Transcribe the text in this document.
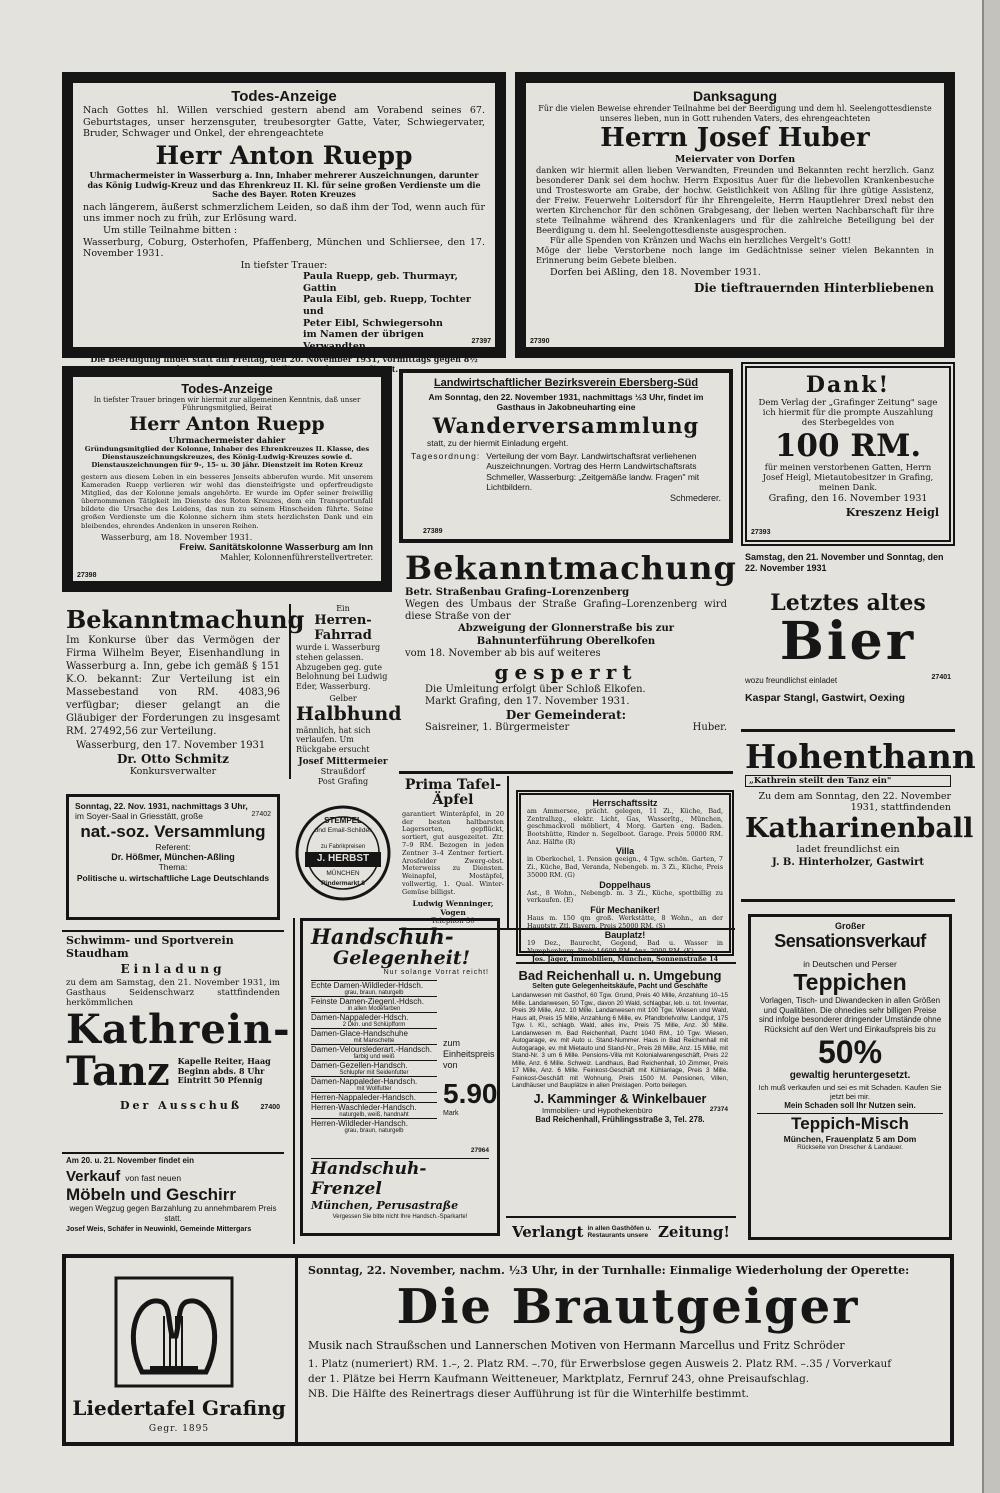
Todes-Anzeige
Nach Gottes hl. Willen verschied gestern abend am Vorabend seines 67. Geburtstages, unser herzensguter, treubesorgter Gatte, Vater, Schwiegervater, Bruder, Schwager und Onkel, der ehrengeachtete
Herr Anton Ruepp
Uhrmachermeister in Wasserburg a. Inn, Inhaber mehrerer Auszeichnungen, darunter das König Ludwig-Kreuz und das Ehrenkreuz II. Kl. für seine großen Verdienste um die Sache des Bayer. Roten Kreuzes
nach längerem, äußerst schmerzlichem Leiden, so daß ihm der Tod, wenn auch für uns immer noch zu früh, zur Erlösung ward.
Um stille Teilnahme bitten :
Wasserburg, Coburg, Osterhofen, Pfaffenberg, München und Schliersee, den 17. November 1931.
In tiefster Trauer:
Paula Ruepp, geb. Thurmayr, Gattin
Paula Eibl, geb. Ruepp, Tochter und
Peter Eibl, Schwiegersohn
im Namen der übrigen Verwandten
Die Beerdigung findet statt am Freitag, den 20. November 1931, vormittags gegen 8½ Uhr, nach vorherigem heiligen Seelengottesdienst.
27397
Danksagung
Für die vielen Beweise ehrender Teilnahme bei der Beerdigung und dem hl. Seelengottesdienste unseres lieben, nun in Gott ruhenden Vaters, des ehrengeachteten
Herrn Josef Huber
Meiervater von Dorfen
danken wir hiermit allen lieben Verwandten, Freunden und Bekannten recht herzlich. Ganz besonderer Dank sei dem hochw. Herrn Expositus Auer für die liebevollen Krankenbesuche und Trostesworte am Grabe, der hochw. Geistlichkeit von Aßling für ihre gütige Assistenz, der Freiw. Feuerwehr Loitersdorf für ihr Ehrengeleite, Herrn Hauptlehrer Drexl nebst den werten Kirchenchor für den schönen Grabgesang, der lieben werten Nachbarschaft für ihre stete Teilnahme während des Krankenlagers und für die zahlreiche Beteiligung bei der Beerdigung u. dem hl. Seelengottesdienste ausgesprochen.
Für alle Spenden von Kränzen und Wachs ein herzliches Vergelt's Gott!
Möge der liebe Verstorbene noch lange im Gedächtnisse seiner vielen Bekannten in Erinnerung beim Gebete bleiben.
Dorfen bei Aßling, den 18. November 1931.
Die tieftrauernden Hinterbliebenen
27390
Todes-Anzeige
In tiefster Trauer bringen wir hiermit zur allgemeinen Kenntnis, daß unser Führungsmitglied, Beirat
Herr Anton Ruepp
Uhrmachermeister dahier
Gründungsmitglied der Kolonne, Inhaber des Ehrenkreuzes II. Klasse, des Dienstauszeichnungskreuzes, des König-Ludwig-Kreuzes sowie d. Dienstauszeichnungen für 9-, 15- u. 30 jähr. Dienstzeit im Roten Kreuz
gestern aus diesem Leben in ein besseres Jenseits abberufen wurde. Mit unserem Kameraden Ruepp verlieren wir wohl das diensteifrigste und opferfreudigste Mitglied, das der Kolonne jemals angehörte. Er wurde im Opfer seiner freiwillig übernommenen Tätigkeit im Dienste des Roten Kreuzes, dem ein Transportunfall bildete die Ursache des Leidens, das nun zu seinem Hinscheiden führte. Seine großen Verdienste um die Kolonne sichern ihm stets herzlichsten Dank und ein bleibendes, ehrendes Andenken in unseren Reihen.
Wasserburg, am 18. November 1931.
Freiw. Sanitätskolonne Wasserburg am Inn
Mahler, Kolonnenführerstellvertreter.
27398
Landwirtschaftlicher Bezirksverein Ebersberg-Süd
Am Sonntag, den 22. November 1931, nachmittags ½3 Uhr, findet im Gasthaus in Jakobneuharting eine
Wanderversammlung
statt, zu der hiermit Einladung ergeht.
Tagesordnung: Verteilung der vom Bayr. Landwirtschaftsrat verliehenen Auszeichnungen. Vortrag des Herrn Landwirtschaftsrats Schmeller, Wasserburg: „Zeitgemäße landw. Fragen" mit Lichtbildern.
Schmederer.
27389
Dank!
Dem Verlag der „Grafinger Zeitung" sage ich hiermit für die prompte Auszahlung des Sterbegeldes von
100 RM.
für meinen verstorbenen Gatten, Herrn Josef Heigl, Mietautobesitzer in Grafing, meinen Dank.
Grafing, den 16. November 1931
Kreszenz Heigl
27393
Samstag, den 21. November und Sonntag, den 22. November 1931
Letztes altes
Bier
wozu freundlichst einladet	27401
Kaspar Stangl, Gastwirt, Oexing
Bekanntmachung
Betr. Straßenbau Grafing–Lorenzenberg
Wegen des Umbaus der Straße Grafing–Lorenzenberg wird diese Straße von der
Abzweigung der Glonnerstraße bis zur Bahnunterführung Oberelkofen
vom 18. November ab bis auf weiteres
gesperrt
Die Umleitung erfolgt über Schloß Elkofen.
Markt Grafing, den 17. November 1931.
Der Gemeinderat:
Saisreiner, 1. Bürgermeister	Huber.
Bekanntmachung
Im Konkurse über das Vermögen der Firma Wilhelm Beyer, Eisenhandlung in Wasserburg a. Inn, gebe ich gemäß § 151 K.O. bekannt: Zur Verteilung ist ein Massebestand von RM. 4083,96 verfügbar; dieser gelangt an die Gläubiger der Forderungen zu insgesamt RM. 27492,56 zur Verteilung.
Wasserburg, den 17. November 1931
Dr. Otto Schmitz
Konkursverwalter
Ein
Herren-Fahrrad
wurde i. Wasserburg stehen gelassen. Abzugeben geg. gute Belohnung bei Ludwig Eder, Wasserburg.
Gelber
Halbhund
männlich, hat sich verlaufen. Um Rückgabe ersucht
Josef Mittermeier
Straußdorf
Post Grafing
Sonntag, 22. Nov. 1931, nachmittags 3 Uhr,
im Soyer-Saal in Griesstätt, große	27402
nat.-soz. Versammlung
Referent:
Dr. Hößmer, München-Aßling
Thema:
Politische u. wirtschaftliche Lage Deutschlands
STEMPEL
und Email-Schilder
zu Fabrikpreisen
J. HERBST
MÜNCHEN
Rindermarkt 8
Prima Tafel-Äpfel
garantiert Winteräpfel, in 20 der besten haltbarsten Lagersorten, gepflückt, sortiert, gut ausgezeitet. Ztr. 7–9 RM. Bezogen in jeden Zentner 3–4 Zentner fertiert. Arosfelder Zwerg-obst. Meterweiss zu Diensten. Weinapfel, Mostäpfel, vollwertig, 1. Qual. Winter-Gemüse billigst.
Ludwig Wenninger, Vogen
Telephon 30
Herrschaftssitz
am Ammersee, prächt. gelegen, 11 Zi., Küche, Bad, Zentralhzg., elektr. Licht, Gas, Wasserltg., München, geschmackvoll möbliert, 4 Morg. Garten eng. Baden. Bootshütte, Rinder n. Segelboot. Garage. Preis 50000 RM. Anz. Hälfte (R)
Villa
in Oberkochel, 1. Pension geeign., 4 Tgw. schön. Garten, 7 Zi., Küche, Bad, Veranda, Nebengeb. m. 3 Zi., Küche, Preis 35000 RM. (G)
Doppelhaus
Ast., 8 Wohn., Nebengb. m. 3 Zi., Küche, spottbillig zu verkaufen. (E)
Für Mechaniker!
Haus m. 150 qm groß. Werkstätte, 8 Wohn., an der Hauptstr. Ztl. Bayern. Preis 25000 RM. (S)
Bauplatz!
19 Dez., Baurecht, Gegend, Bad u. Wasser in Nymphenburg. Preis 14600 RM. Anz. 2000 RM. (K)
Jos. Jäger, Immobilien, München, Sonnenstraße 14
Schwimm- und Sportverein Staudham
Einladung
zu dem am Samstag, den 21. November 1931, im Gasthaus Seidenschwarz stattfindenden herkömmlichen
Kathrein-
Tanz Kapelle Reiter, Haag
Beginn abds. 8 Uhr
Eintritt 50 Pfennig
Der Ausschuß	27400
Am 20. u. 21. November findet ein
Verkauf von fast neuen
Möbeln und Geschirr
wegen Wegzug gegen Barzahlung zu annehmbarem Preis statt.
Josef Weis, Schäfer in Neuwinkl, Gemeinde Mittergars
Handschuh-
Gelegenheit!
Nur solange Vorrat reicht!
Echte Damen-Wildleder-Hdsch.
grau, braun, naturgelb
Feinste Damen-Ziegenl.-Hdsch.
in allen Modefarben
Damen-Nappaleder-Hdsch.
2 Dkn. und Schlüpfform
Damen-Glace-Handschuhe
mit Manschette
Damen-Velourslederart.-Handsch.
farbig und weiß
Damen-Gezellen-Handsch.
Schlupfer mit Seidenfutter
Damen-Nappaleder-Handsch.
mit Wollfutter
Herren-Nappaleder-Handsch.
Herren-Waschleder-Handsch.
naturgelb, weiß, handnaht
Herren-Wildleder-Handsch.
grau, braun, naturgelb
zum Einheitspreis von
5.90
Mark
27964
Handschuh-Frenzel
München, Perusastraße
Vergessen Sie bitte nicht Ihre Handsch.-Sparkarte!
Bad Reichenhall u. n. Umgebung
Selten gute Gelegenheitskäufe, Pacht und Geschäfte
Landanwesen mit Gasthof, 60 Tgw. Grund, Preis 40 Mille, Anzahlung 10–15 Mille. Landanwesen, 50 Tgw., davon 20 Wald, schlagbar, leb. u. tot. Inventar, Preis 39 Mille, Anz. 10 Mille. Landanwesen mit 100 Tgw. Wiesen und Wald, Haus alt, Preis 15 Mille, Anzahlung 6 Mille, ev. Pfandbriefvollw. Landgut, 175 Tgw. I. Kl., schlagb. Wald, alles inv., Preis 75 Mille, Anz. 30 Mille. Landanwesen m. Bad Reichenhall, Pacht 1040 RM., 10 Tgw. Wiesen, Autogarage, ev. mit Auto u. Stand-Nummer. Haus in Bad Reichenhall mit Autogarage, ev. mit Mietauto und Stand-Nr., Preis 28 Mille, Anz. 15 Mille, mit Stand-Nr. 3 um 6 Mille. Pensions-Villa mit Kolonialwarengeschäft, Preis 22 Mille, Anz. 6 Mille. Schweiz. Landhaus, Bad Reichenhall, 10 Zimmer, Preis 17 Mille, Anz. 6 Mille. Feinkost-Geschäft mit Kühlanlage, Preis 3 Mille. Feinkost-Geschäft mit Wohnung, Preis 1500 M. Pensionen, Villen, Landhäuser und Bauplätze in allen Preislagen. Porto beilegen.
J. Kamminger & Winkelbauer
Immobilien- und Hypothekenbüro	27374
Bad Reichenhall, Frühlingsstraße 3, Tel. 278.
Verlangt in allen Gasthöfen u. Restaurants unsere Zeitung!
Hohenthann
„Kathrein steilt den Tanz ein"
Zu dem am Sonntag, den 22. November 1931, stattfindenden
Katharinenball
ladet freundlichst ein
J. B. Hinterholzer, Gastwirt
Großer
Sensationsverkauf
in Deutschen und Perser
Teppichen
Vorlagen, Tisch- und Diwandecken in allen Größen und Qualitäten. Die ohnedies sehr billigen Preise sind infolge besonderer dringender Umstände ohne Rücksicht auf den Wert und Einkaufspreis bis zu
50%
gewaltig heruntergesetzt.
Ich muß verkaufen und sei es mit Schaden. Kaufen Sie jetzt bei mir.
Mein Schaden soll Ihr Nutzen sein.
Teppich-Misch
München, Frauenplatz 5 am Dom
Rückseite von Drescher & Landauer.
Liedertafel Grafing
Gegr. 1895
Sonntag, 22. November, nachm. ½3 Uhr, in der Turnhalle: Einmalige Wiederholung der Operette:
Die Brautgeiger
Musik nach Straußschen und Lannerschen Motiven von Hermann Marcellus und Fritz Schröder
1. Platz (numeriert) RM. 1.–, 2. Platz RM. –.70, für Erwerbslose gegen Ausweis 2. Platz RM. –.35 / Vorverkauf
der 1. Plätze bei Herrn Kaufmann Weitteneuer, Marktplatz, Fernruf 243, ohne Preisaufschlag.
NB. Die Hälfte des Reinertrags dieser Aufführung ist für die Winterhilfe bestimmt.
